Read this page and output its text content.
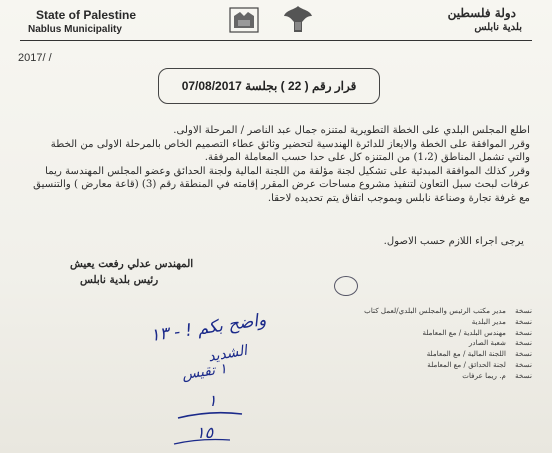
State of Palestine
Nablus Municipality
دولة فلسطين
بلدية نابلس
2017/ /
قرار رقم ( 22 ) بجلسة 07/08/2017
اطلع المجلس البلدي على الخطة التطويرية لمتنزه جمال عبد الناصر / المرحلة الاولى.
وقرر الموافقة على الخطة والايعاز للدائرة الهندسية لتحضير وثائق عطاء التصميم الخاص بالمرحلة الاولى من الخطة
والتي تشمل المناطق (1،2) من المتنزه كل على حدا حسب المعاملة المرفقة.
وقرر كذلك الموافقة المبدئية على تشكيل لجنة مؤلفة من اللجنة المالية ولجنة الحدائق وعضو المجلس المهندسة ريما
عرفات لبحث سبل التعاون لتنفيذ مشروع مساحات عرض المقرر إقامته في المنطقة رقم (3) (قاعة معارض ) والتنسيق
مع غرفة تجارة وصناعة نابلس وبموجب اتفاق يتم تحديده لاحقا.
يرجى اجراء اللازم حسب الاصول.
المهندس عدلي رفعت يعيش
رئيس بلدية نابلس
نسخة
مدير مكتب الرئيس والمجلس البلدي/لعمل كتاب
نسخة
مدير البلدية
نسخة
مهندس البلدية / مع المعاملة
نسخة
شعبة الصادر
نسخة
اللجنة المالية / مع المعاملة
نسخة
لجنة الحدائق / مع المعاملة
نسخة
م. ريما عرفات
واضح بكم ! - ١٣
الشديد
١ تقيس
١
١٥
